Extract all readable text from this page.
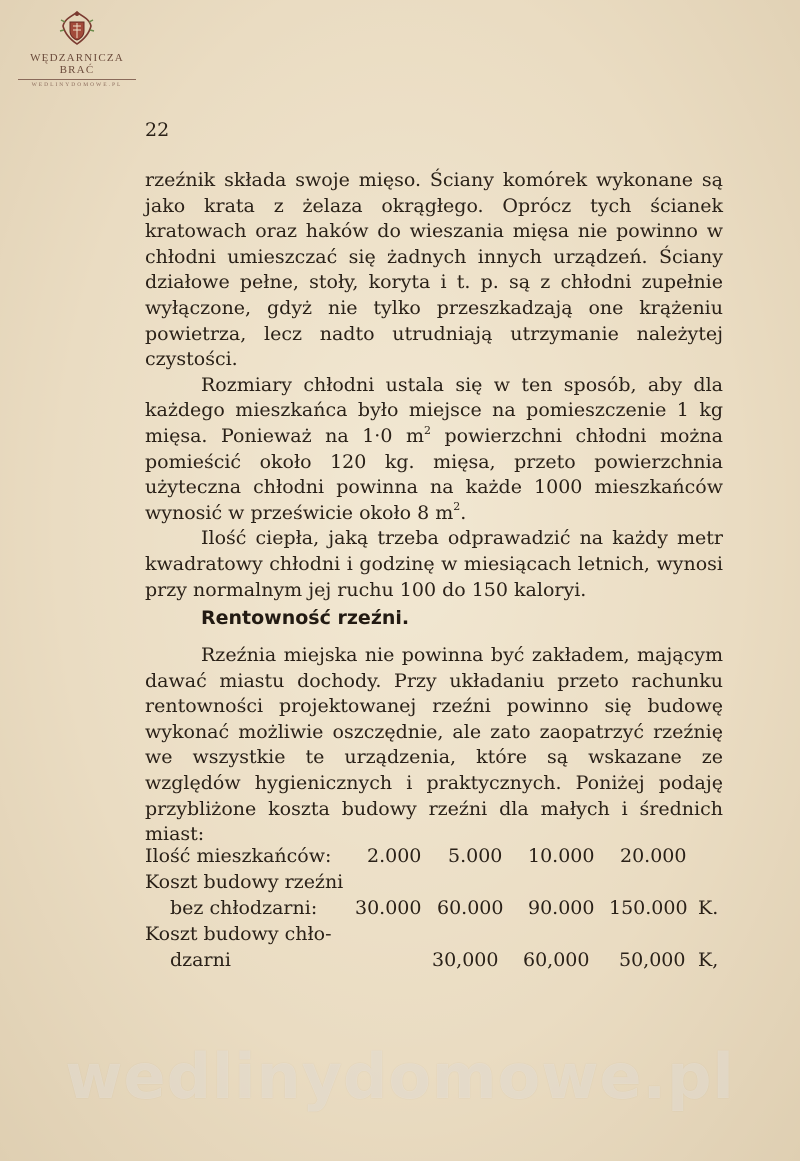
WĘDZARNICZA BRAĆ
WEDLINYDOMOWE.PL
22

rzeźnik składa swoje mięso. Ściany komórek wykonane są jako krata z żelaza okrągłego. Oprócz tych ścianek kratowach oraz haków do wieszania mięsa nie powinno w chłodni umieszczać się żadnych innych urządzeń. Ściany działowe pełne, stoły, koryta i t. p. są z chłodni zupełnie wyłączone, gdyż nie tylko przeszkadzają one krążeniu powietrza, lecz nadto utrudniają utrzymanie należytej czystości.

Rozmiary chłodni ustala się w ten sposób, aby dla każdego mieszkańca było miejsce na pomieszczenie 1 kg mięsa. Ponieważ na 1·0 $m^2$ powierzchni chłodni można pomieścić około 120 kg. mięsa, przeto powierzchnia użyteczna chłodni powinna na każde 1000 mieszkańców wynosić w prześwicie około 8 $m^2$.

Ilość ciepła, jaką trzeba odprawadzić na każdy metr kwadratowy chłodni i godzinę w miesiącach letnich, wynosi przy normalnym jej ruchu 100 do 150 kaloryi.

Rentowność rzeźni.

Rzeźnia miejska nie powinna być zakładem, mającym dawać miastu dochody. Przy układaniu przeto rachunku rentowności projektowanej rzeźni powinno się budowę wykonać możliwie oszczędnie, ale zato zaopatrzyć rzeźnię we wszystkie te urządzenia, które są wskazane ze względów hygienicznych i praktycznych. Poniżej podaję przybliżone koszta budowy rzeźni dla małych i średnich miast:

Ilość mieszkańców: 2.000 5.000 10.000 20.000
Koszt budowy rzeźni
bez chłodzarni: 30.000 60.000 90.000 150.000 K.
Koszt budowy chło-
dzarni	30,000 60,000 50,000 K,
wedlinydomowe.pl
